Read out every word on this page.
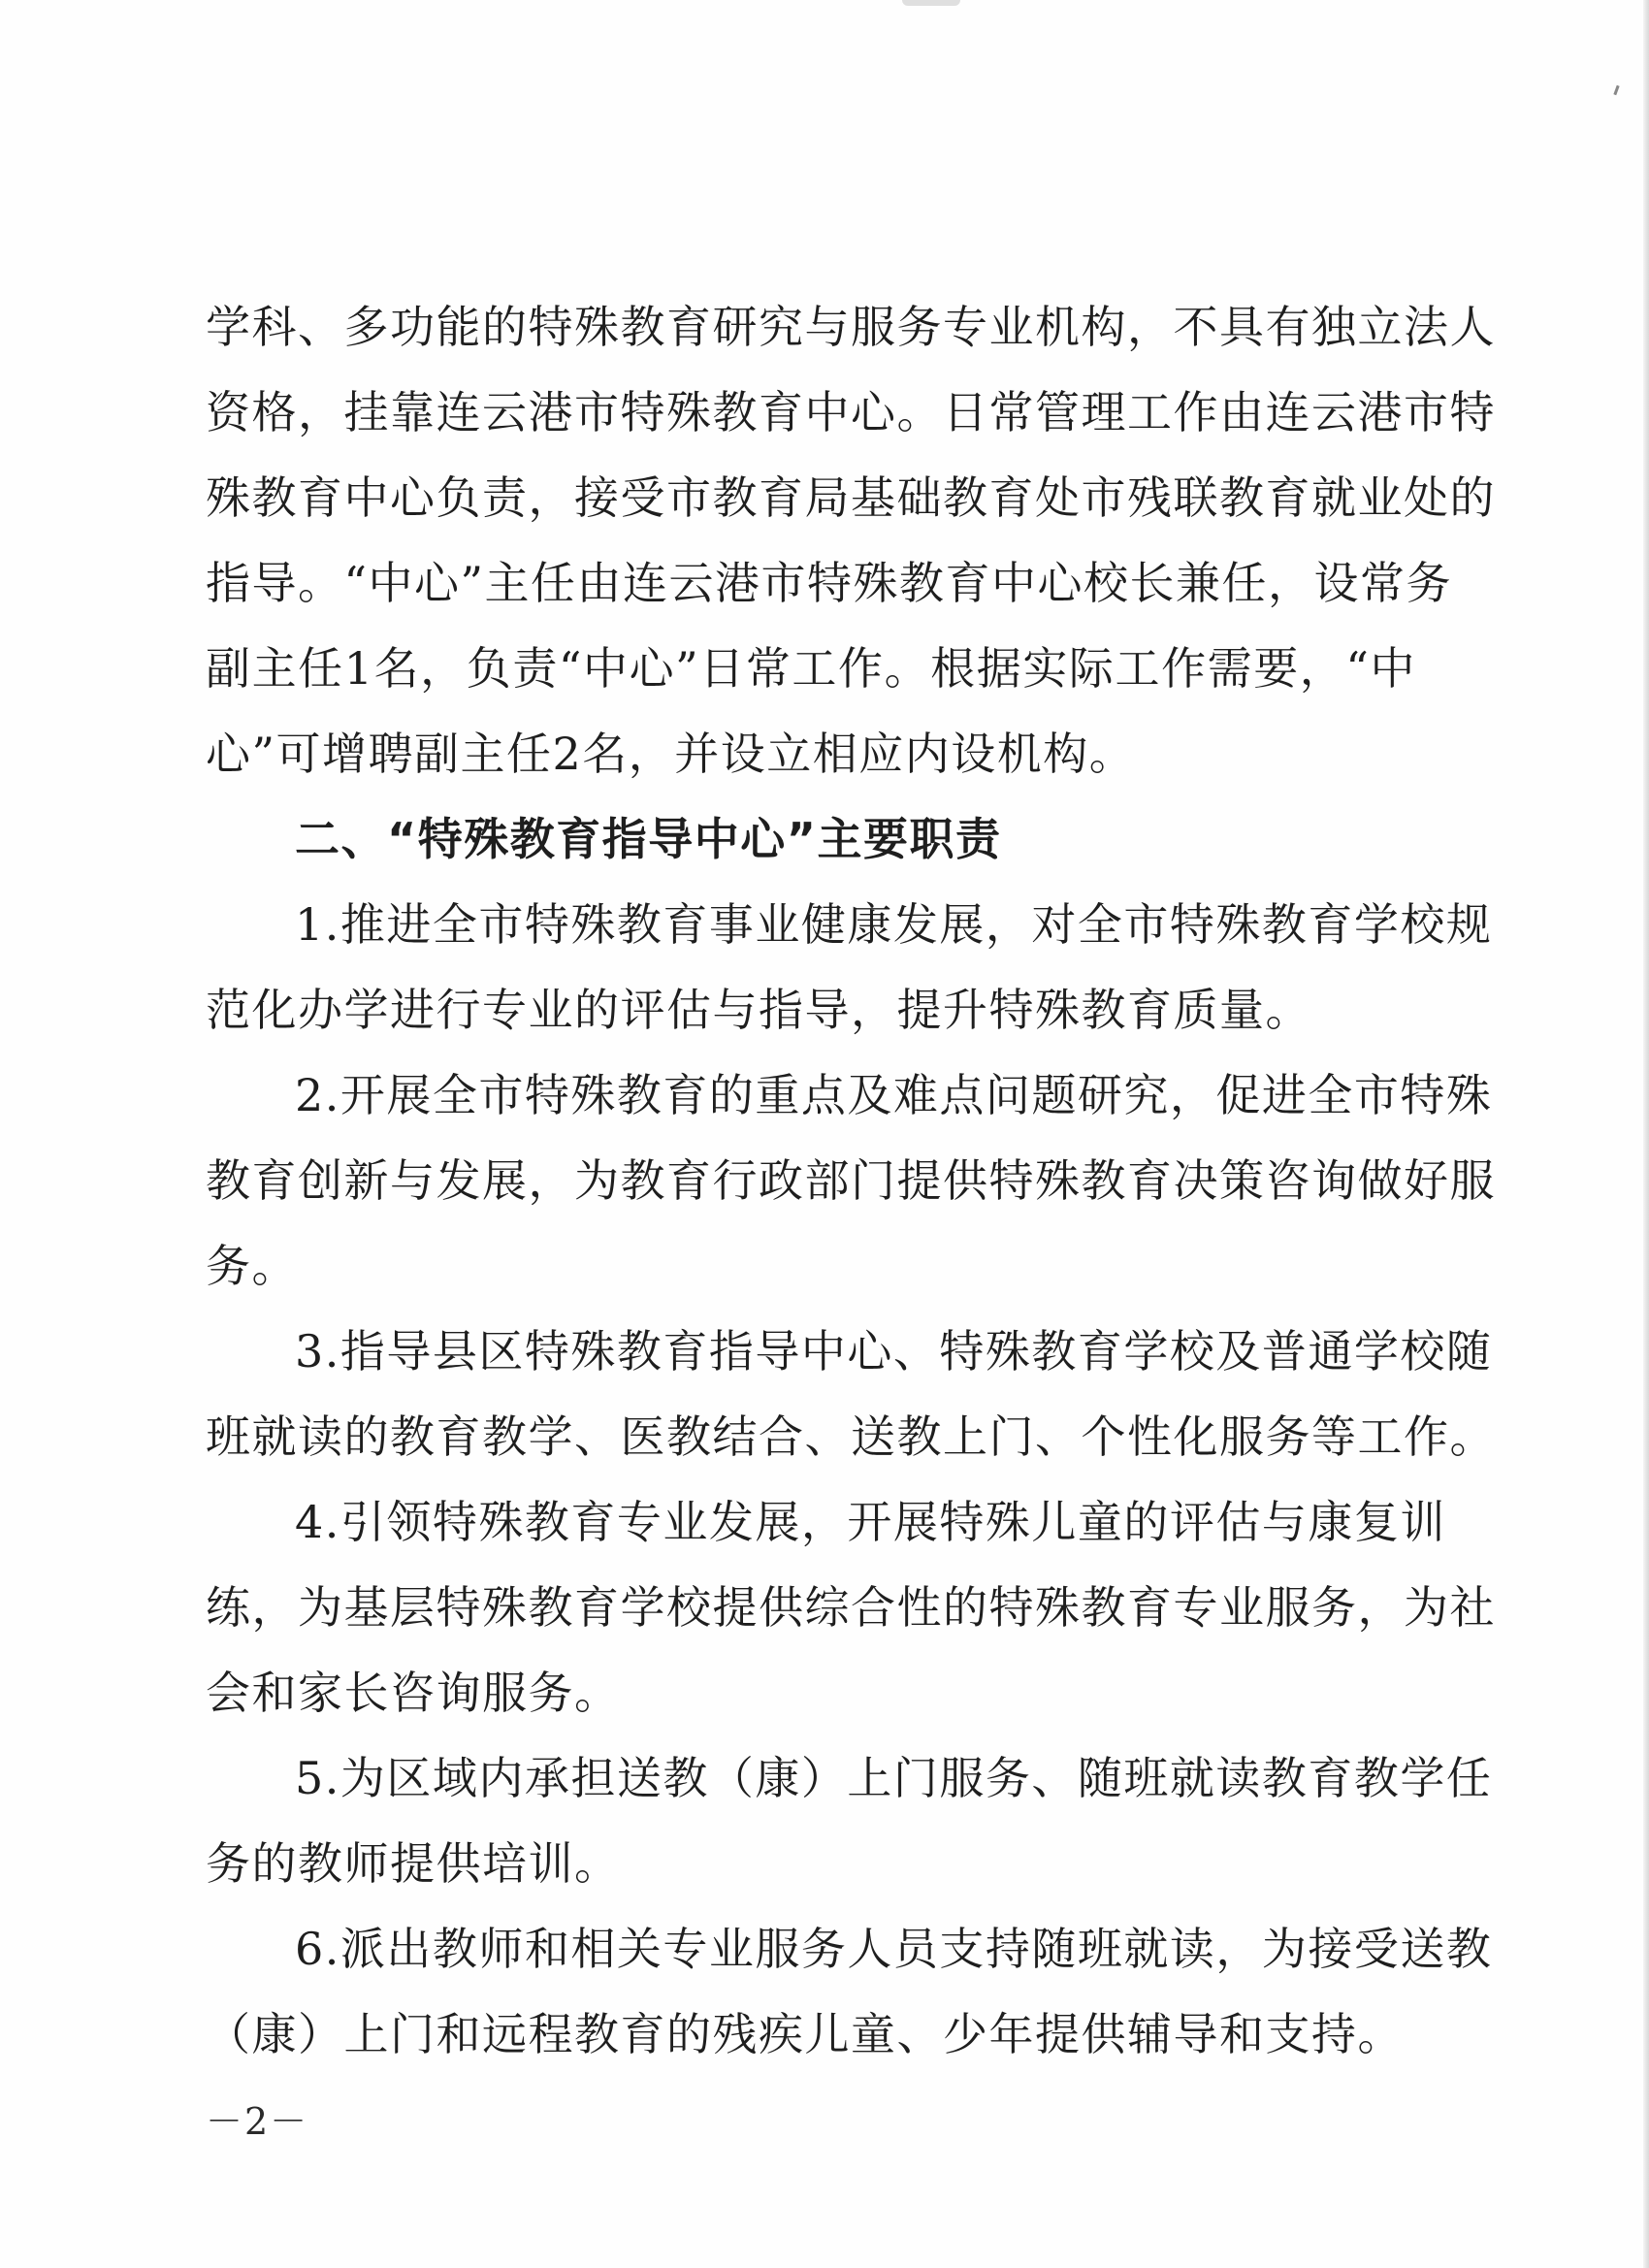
学科、多功能的特殊教育研究与服务专业机构，不具有独立法人
资格，挂靠连云港市特殊教育中心。日常管理工作由连云港市特
殊教育中心负责，接受市教育局基础教育处市残联教育就业处的
指导。“中心”主任由连云港市特殊教育中心校长兼任，设常务
副主任1名，负责“中心”日常工作。根据实际工作需要，“中
心”可增聘副主任2名，并设立相应内设机构。
二、“特殊教育指导中心”主要职责
1.推进全市特殊教育事业健康发展，对全市特殊教育学校规
范化办学进行专业的评估与指导，提升特殊教育质量。
2.开展全市特殊教育的重点及难点问题研究，促进全市特殊
教育创新与发展，为教育行政部门提供特殊教育决策咨询做好服
务。
3.指导县区特殊教育指导中心、特殊教育学校及普通学校随
班就读的教育教学、医教结合、送教上门、个性化服务等工作。
4.引领特殊教育专业发展，开展特殊儿童的评估与康复训
练，为基层特殊教育学校提供综合性的特殊教育专业服务，为社
会和家长咨询服务。
5.为区域内承担送教（康）上门服务、随班就读教育教学任
务的教师提供培训。
6.派出教师和相关专业服务人员支持随班就读，为接受送教
（康）上门和远程教育的残疾儿童、少年提供辅导和支持。
－2－
